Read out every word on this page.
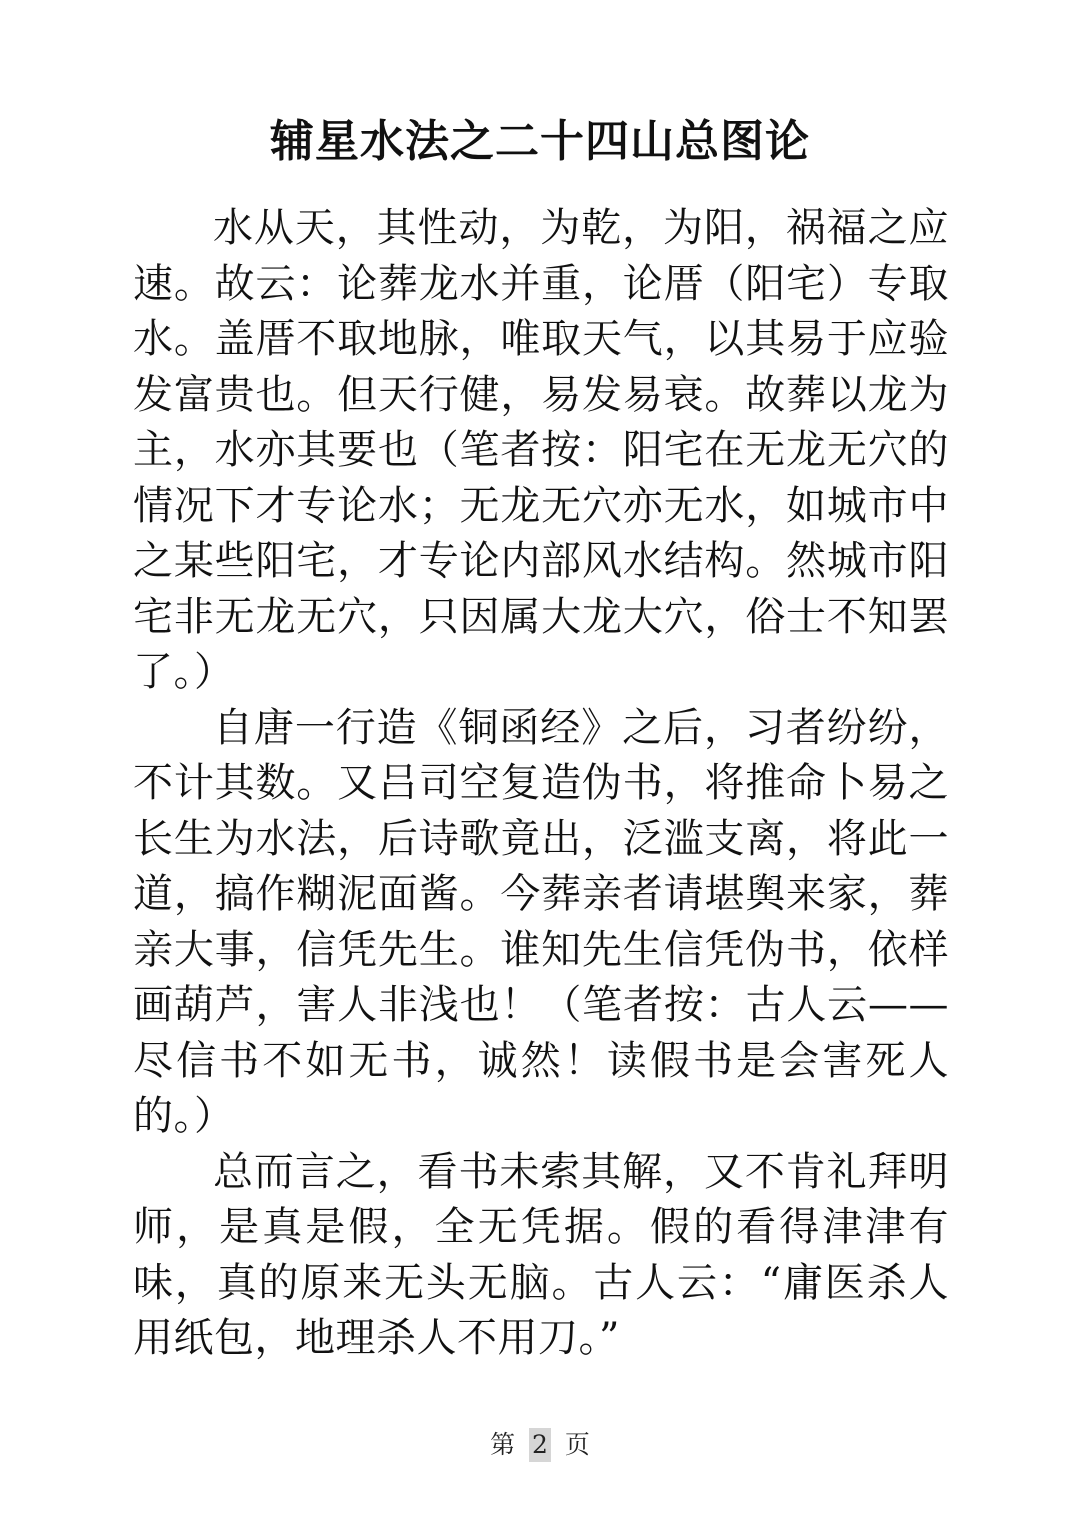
辅星水法之二十四山总图论

水从天，其性动，为乾，为阳，祸福之应速。故云：论葬龙水并重，论厝（阳宅）专取水。盖厝不取地脉，唯取天气，以其易于应验发富贵也。但天行健，易发易衰。故葬以龙为主，水亦其要也（笔者按：阳宅在无龙无穴的情况下才专论水；无龙无穴亦无水，如城市中之某些阳宅，才专论内部风水结构。然城市阳宅非无龙无穴，只因属大龙大穴，俗士不知罢了。）

自唐一行造《铜函经》之后，习者纷纷，不计其数。又吕司空复造伪书，将推命卜易之长生为水法，后诗歌竟出，泛滥支离，将此一道，搞作糊泥面酱。今葬亲者请堪舆来家，葬亲大事，信凭先生。谁知先生信凭伪书，依样画葫芦，害人非浅也！（笔者按：古人云——尽信书不如无书，诚然！读假书是会害死人的。）

总而言之，看书未索其解，又不肯礼拜明师，是真是假，全无凭据。假的看得津津有味，真的原来无头无脑。古人云：“庸医杀人用纸包，地理杀人不用刀。”

第 2 页
